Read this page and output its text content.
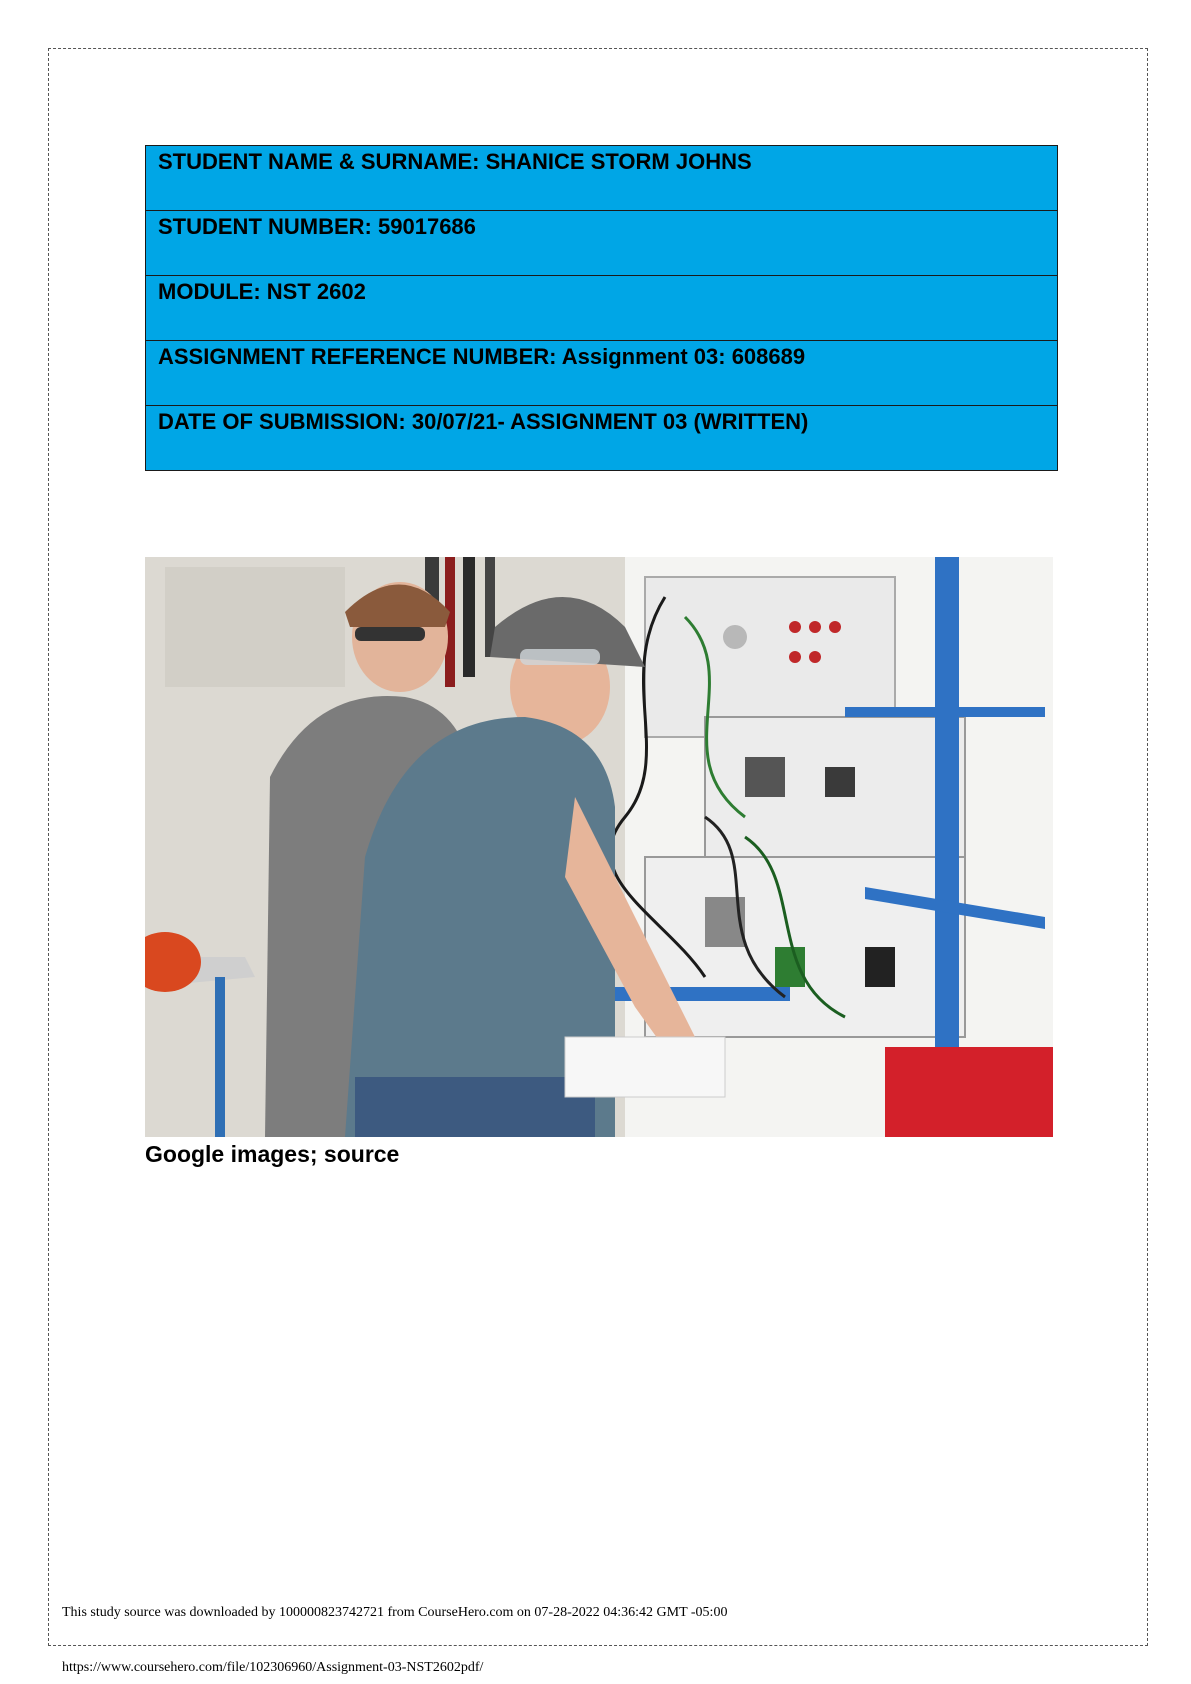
STUDENT NAME & SURNAME: SHANICE STORM JOHNS
STUDENT NUMBER: 59017686
MODULE: NST 2602
ASSIGNMENT REFERENCE NUMBER: Assignment 03: 608689
DATE OF SUBMISSION: 30/07/21- ASSIGNMENT 03 (WRITTEN)
Google images; source
This study source was downloaded by 100000823742721 from CourseHero.com on 07-28-2022 04:36:42 GMT -05:00
https://www.coursehero.com/file/102306960/Assignment-03-NST2602pdf/
